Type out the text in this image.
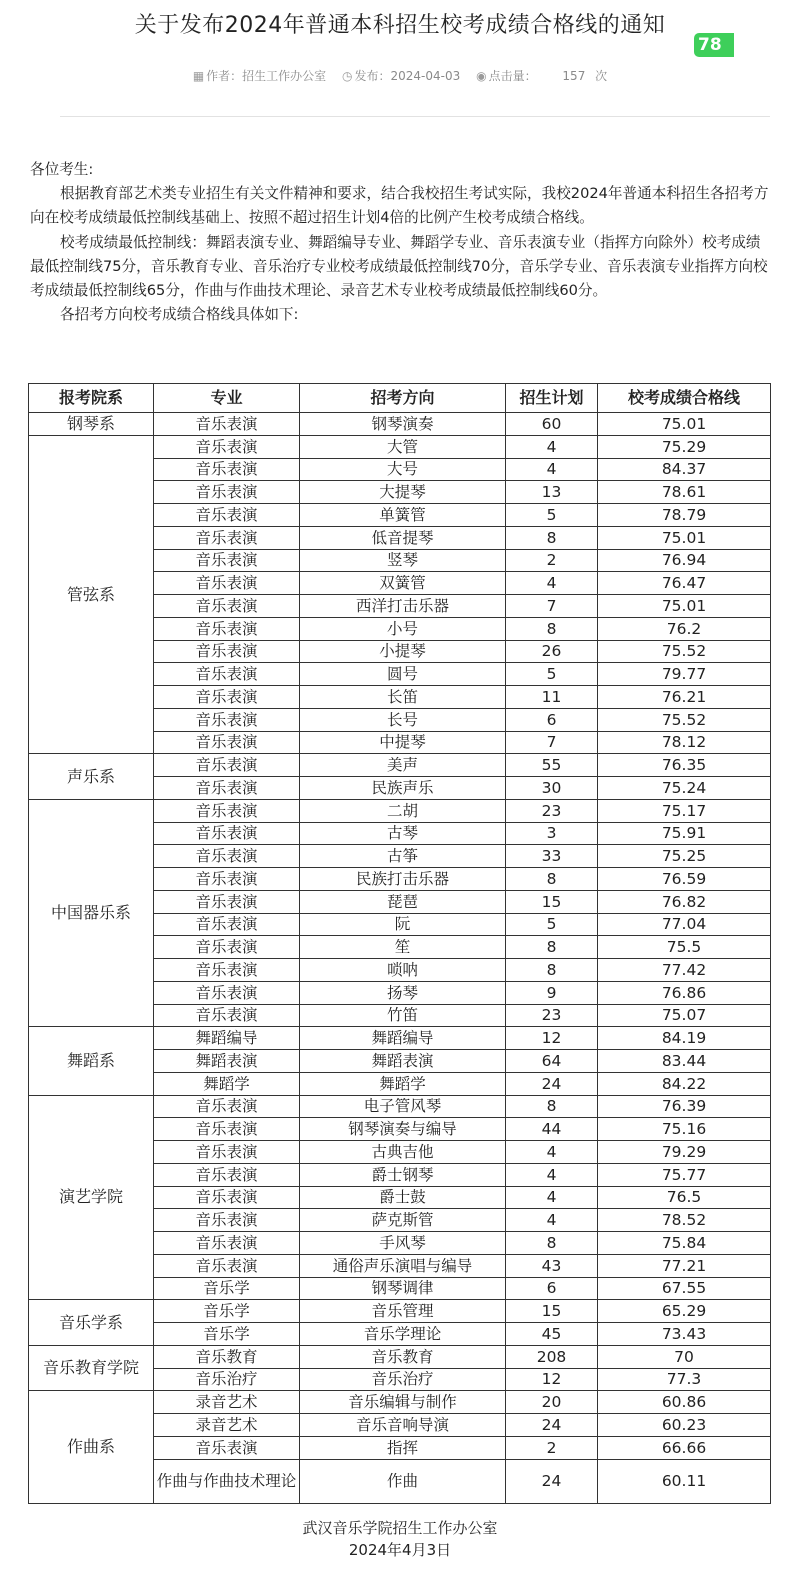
关于发布2024年普通本科招生校考成绩合格线的通知
78
▦ 作者：招生工作办公室 ◷ 发布：2024-04-03 ◉ 点击量： 157 次

各位考生:

根据教育部艺术类专业招生有关文件精神和要求，结合我校招生考试实际，我校2024年普通本科招生各招考方向在校考成绩最低控制线基础上、按照不超过招生计划4倍的比例产生校考成绩合格线。

校考成绩最低控制线：舞蹈表演专业、舞蹈编导专业、舞蹈学专业、音乐表演专业（指挥方向除外）校考成绩最低控制线75分，音乐教育专业、音乐治疗专业校考成绩最低控制线70分，音乐学专业、音乐表演专业指挥方向校考成绩最低控制线65分，作曲与作曲技术理论、录音艺术专业校考成绩最低控制线60分。

各招考方向校考成绩合格线具体如下:

报考院系	专业	招考方向	招生计划	校考成绩合格线
钢琴系	音乐表演	钢琴演奏	60	75.01
管弦系	音乐表演	大管	4	75.29
	音乐表演	大号	4	84.37
	音乐表演	大提琴	13	78.61
	音乐表演	单簧管	5	78.79
	音乐表演	低音提琴	8	75.01
	音乐表演	竖琴	2	76.94
	音乐表演	双簧管	4	76.47
	音乐表演	西洋打击乐器	7	75.01
	音乐表演	小号	8	76.2
	音乐表演	小提琴	26	75.52
	音乐表演	圆号	5	79.77
	音乐表演	长笛	11	76.21
	音乐表演	长号	6	75.52
	音乐表演	中提琴	7	78.12
声乐系	音乐表演	美声	55	76.35
	音乐表演	民族声乐	30	75.24
中国器乐系	音乐表演	二胡	23	75.17
	音乐表演	古琴	3	75.91
	音乐表演	古筝	33	75.25
	音乐表演	民族打击乐器	8	76.59
	音乐表演	琵琶	15	76.82
	音乐表演	阮	5	77.04
	音乐表演	笙	8	75.5
	音乐表演	唢呐	8	77.42
	音乐表演	扬琴	9	76.86
	音乐表演	竹笛	23	75.07
舞蹈系	舞蹈编导	舞蹈编导	12	84.19
	舞蹈表演	舞蹈表演	64	83.44
	舞蹈学	舞蹈学	24	84.22
演艺学院	音乐表演	电子管风琴	8	76.39
	音乐表演	钢琴演奏与编导	44	75.16
	音乐表演	古典吉他	4	79.29
	音乐表演	爵士钢琴	4	75.77
	音乐表演	爵士鼓	4	76.5
	音乐表演	萨克斯管	4	78.52
	音乐表演	手风琴	8	75.84
	音乐表演	通俗声乐演唱与编导	43	77.21
	音乐学	钢琴调律	6	67.55
音乐学系	音乐学	音乐管理	15	65.29
	音乐学	音乐学理论	45	73.43
音乐教育学院	音乐教育	音乐教育	208	70
	音乐治疗	音乐治疗	12	77.3
作曲系	录音艺术	音乐编辑与制作	20	60.86
	录音艺术	音乐音响导演	24	60.23
	音乐表演	指挥	2	66.66
	作曲与作曲技术理论	作曲	24	60.11
武汉音乐学院招生工作办公室
2024年4月3日
